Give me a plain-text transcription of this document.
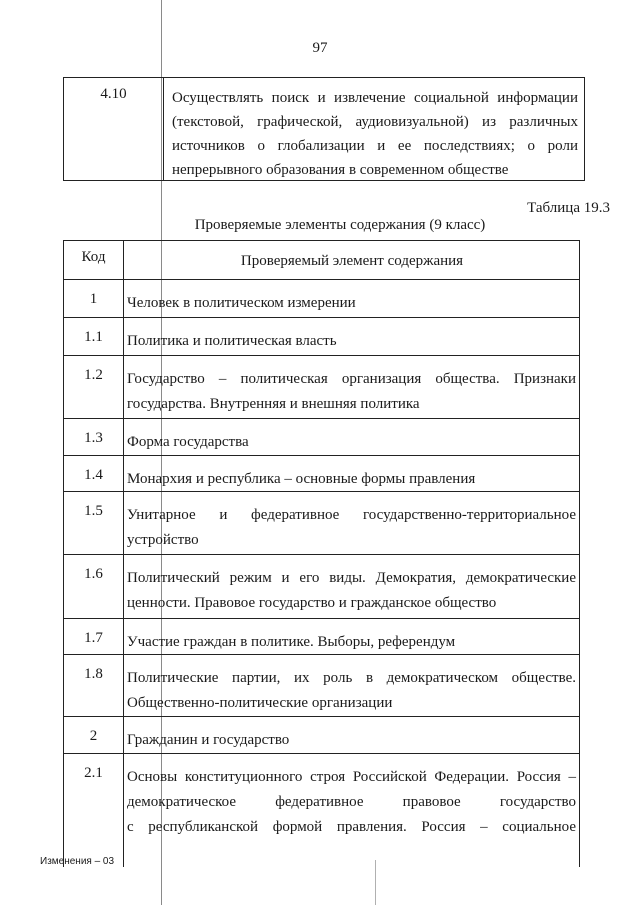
97
4.10	Осуществлять поиск и извлечение социальной информации
(текстовой, графической, аудиовизуальной) из различных
источников о глобализации и ее последствиях; о роли
непрерывного образования в современном обществе
Таблица 19.3
Проверяемые элементы содержания (9 класс)
Код	Проверяемый элемент содержания
1	Человек в политическом измерении
1.1	Политика и политическая власть
1.2	Государство – политическая организация общества. Признаки
государства. Внутренняя и внешняя политика
1.3	Форма государства
1.4	Монархия и республика – основные формы правления
1.5	Унитарное и федеративное государственно-территориальное
устройство
1.6	Политический режим и его виды. Демократия, демократические
ценности. Правовое государство и гражданское общество
1.7	Участие граждан в политике. Выборы, референдум
1.8	Политические партии, их роль в демократическом обществе.
Общественно-политические организации
2	Гражданин и государство
2.1	Основы конституционного строя Российской Федерации. Россия –
демократическое федеративное правовое государство
с республиканской формой правления. Россия – социальное
Изменения – 03
